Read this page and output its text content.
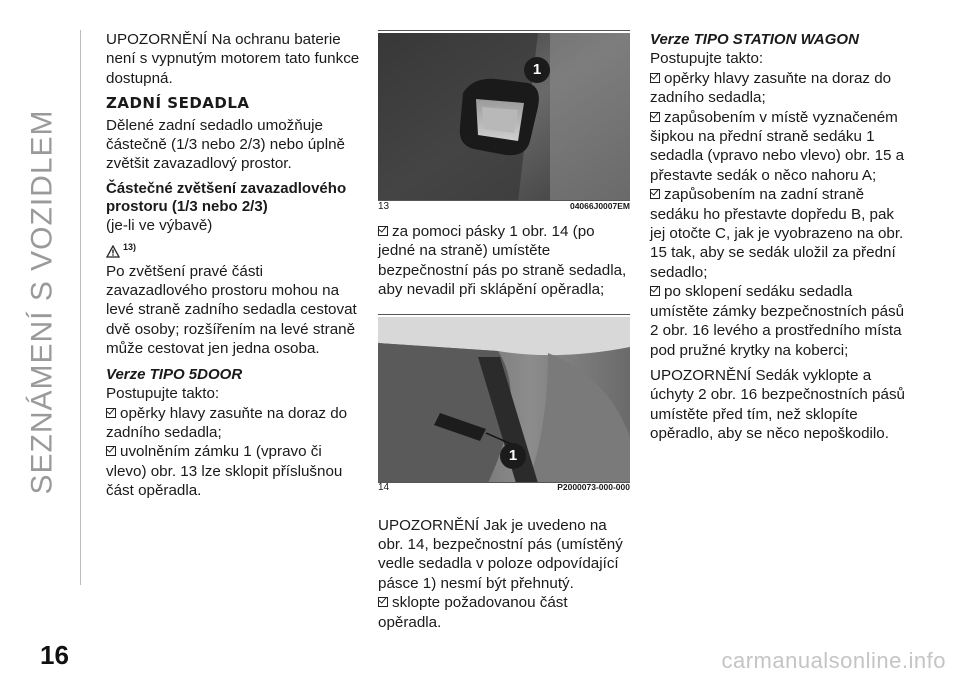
SEZNÁMENÍ S VOZIDLEM
16	carmanualsonline.info
UPOZORNĚNÍ Na ochranu baterie není s vypnutým motorem tato funkce dostupná.
ZADNÍ SEDADLA
Dělené zadní sedadlo umožňuje částečně (1/3 nebo 2/3) nebo úplně zvětšit zavazadlový prostor.
Částečné zvětšení zavazadlového prostoru (1/3 nebo 2/3)
(je-li ve výbavě)
13)
Po zvětšení pravé části zavazadlového prostoru mohou na levé straně zadního sedadla cestovat dvě osoby; rozšířením na levé straně může cestovat jen jedna osoba.
Verze TIPO 5DOOR
Postupujte takto:
opěrky hlavy zasuňte na doraz do zadního sedadla;
uvolněním zámku 1 (vpravo či vlevo) obr. 13 lze sklopit příslušnou část opěradla.
1
13	04066J0007EM
za pomoci pásky 1 obr. 14 (po jedné na straně) umístěte bezpečnostní pás po straně sedadla, aby nevadil při sklápění opěradla;
1
14	P2000073-000-000
UPOZORNĚNÍ Jak je uvedeno na obr. 14, bezpečnostní pás (umístěný vedle sedadla v poloze odpovídající pásce 1) nesmí být přehnutý.
sklopte požadovanou část opěradla.
Verze TIPO STATION WAGON
Postupujte takto:
opěrky hlavy zasuňte na doraz do zadního sedadla;
zapůsobením v místě vyznačeném šipkou na přední straně sedáku 1 sedadla (vpravo nebo vlevo) obr. 15 a přestavte sedák o něco nahoru A;
zapůsobením na zadní straně sedáku ho přestavte dopředu B, pak jej otočte C, jak je vyobrazeno na obr. 15 tak, aby se sedák uložil za přední sedadlo;
po sklopení sedáku sedadla umístěte zámky bezpečnostních pásů 2 obr. 16 levého a prostředního místa pod pružné krytky na koberci;
UPOZORNĚNÍ Sedák vyklopte a úchyty 2 obr. 16 bezpečnostních pásů umístěte před tím, než sklopíte opěradlo, aby se něco nepoškodilo.
